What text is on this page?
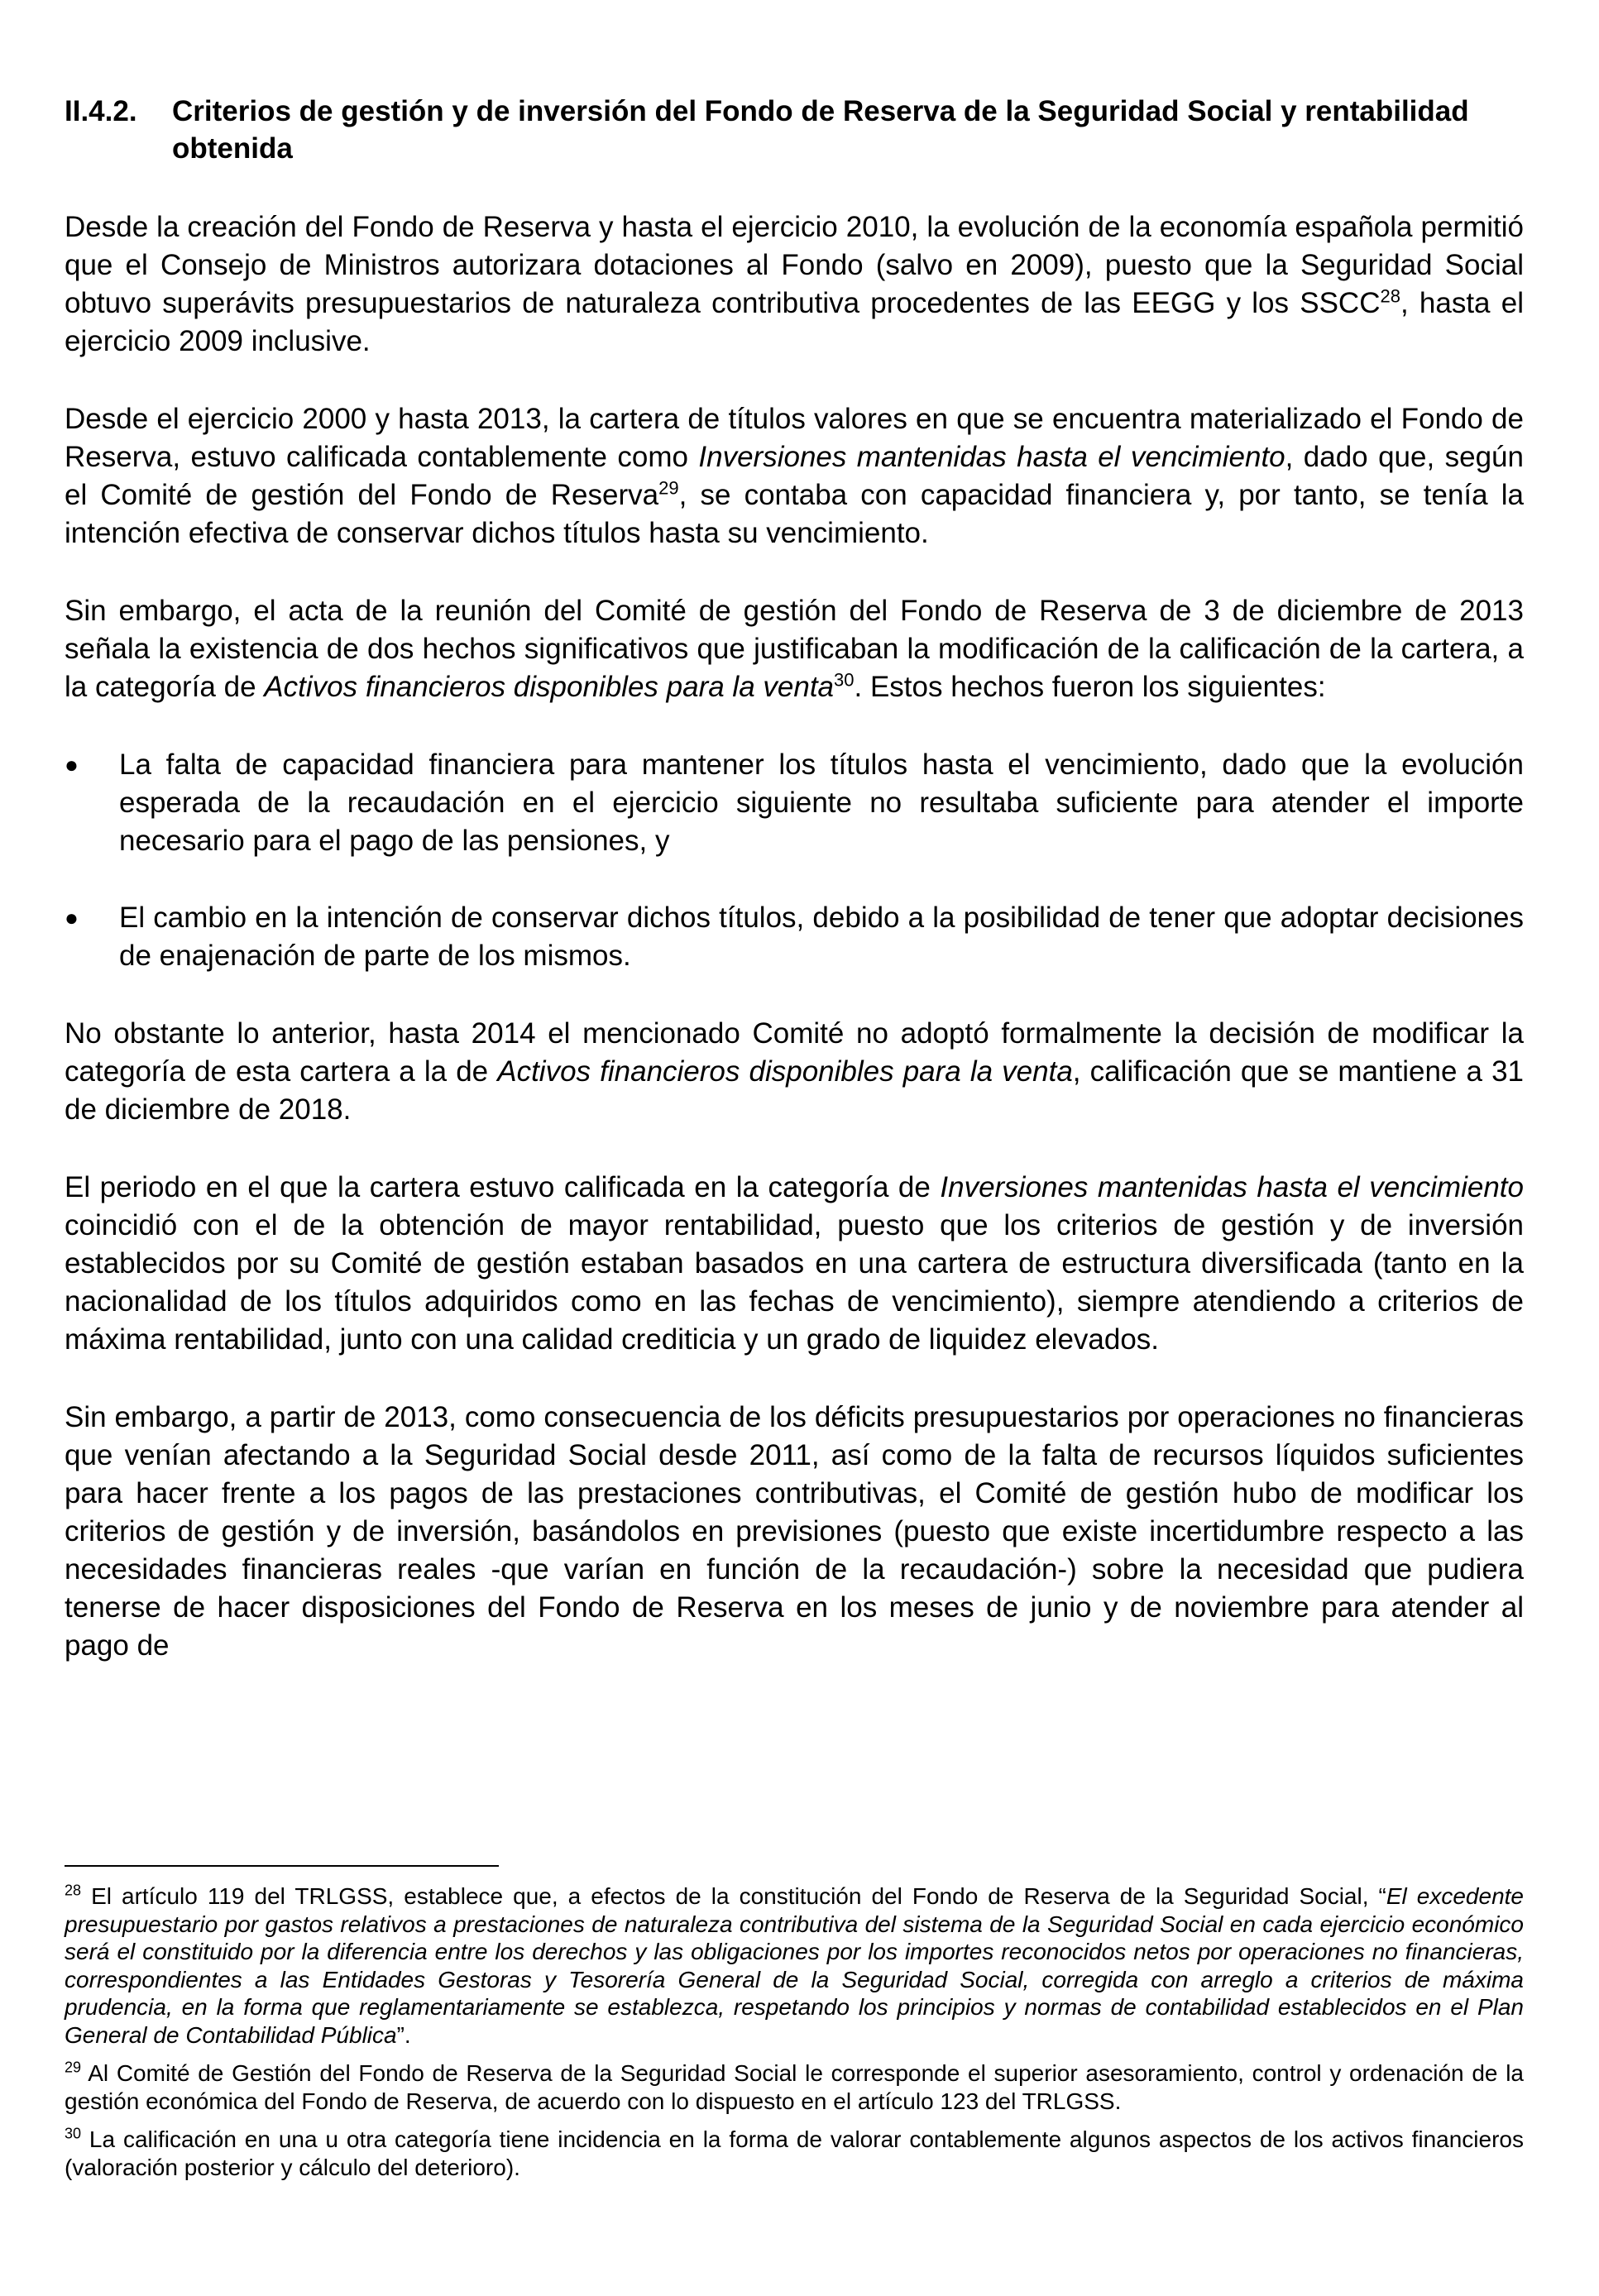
II.4.2.	Criterios de gestión y de inversión del Fondo de Reserva de la Seguridad Social y rentabilidad obtenida

Desde la creación del Fondo de Reserva y hasta el ejercicio 2010, la evolución de la economía española permitió que el Consejo de Ministros autorizara dotaciones al Fondo (salvo en 2009), puesto que la Seguridad Social obtuvo superávits presupuestarios de naturaleza contributiva procedentes de las EEGG y los SSCC$^{28}$, hasta el ejercicio 2009 inclusive.

Desde el ejercicio 2000 y hasta 2013, la cartera de títulos valores en que se encuentra materializado el Fondo de Reserva, estuvo calificada contablemente como Inversiones mantenidas hasta el vencimiento, dado que, según el Comité de gestión del Fondo de Reserva$^{29}$, se contaba con capacidad financiera y, por tanto, se tenía la intención efectiva de conservar dichos títulos hasta su vencimiento.

Sin embargo, el acta de la reunión del Comité de gestión del Fondo de Reserva de 3 de diciembre de 2013 señala la existencia de dos hechos significativos que justificaban la modificación de la calificación de la cartera, a la categoría de Activos financieros disponibles para la venta$^{30}$. Estos hechos fueron los siguientes:

●	La falta de capacidad financiera para mantener los títulos hasta el vencimiento, dado que la evolución esperada de la recaudación en el ejercicio siguiente no resultaba suficiente para atender el importe necesario para el pago de las pensiones, y
●	El cambio en la intención de conservar dichos títulos, debido a la posibilidad de tener que adoptar decisiones de enajenación de parte de los mismos.

No obstante lo anterior, hasta 2014 el mencionado Comité no adoptó formalmente la decisión de modificar la categoría de esta cartera a la de Activos financieros disponibles para la venta, calificación que se mantiene a 31 de diciembre de 2018.

El periodo en el que la cartera estuvo calificada en la categoría de Inversiones mantenidas hasta el vencimiento coincidió con el de la obtención de mayor rentabilidad, puesto que los criterios de gestión y de inversión establecidos por su Comité de gestión estaban basados en una cartera de estructura diversificada (tanto en la nacionalidad de los títulos adquiridos como en las fechas de vencimiento), siempre atendiendo a criterios de máxima rentabilidad, junto con una calidad crediticia y un grado de liquidez elevados.

Sin embargo, a partir de 2013, como consecuencia de los déficits presupuestarios por operaciones no financieras que venían afectando a la Seguridad Social desde 2011, así como de la falta de recursos líquidos suficientes para hacer frente a los pagos de las prestaciones contributivas, el Comité de gestión hubo de modificar los criterios de gestión y de inversión, basándolos en previsiones (puesto que existe incertidumbre respecto a las necesidades financieras reales -que varían en función de la recaudación-) sobre la necesidad que pudiera tenerse de hacer disposiciones del Fondo de Reserva en los meses de junio y de noviembre para atender al pago de

$^{28}$ El artículo 119 del TRLGSS, establece que, a efectos de la constitución del Fondo de Reserva de la Seguridad Social, “El excedente presupuestario por gastos relativos a prestaciones de naturaleza contributiva del sistema de la Seguridad Social en cada ejercicio económico será el constituido por la diferencia entre los derechos y las obligaciones por los importes reconocidos netos por operaciones no financieras, correspondientes a las Entidades Gestoras y Tesorería General de la Seguridad Social, corregida con arreglo a criterios de máxima prudencia, en la forma que reglamentariamente se establezca, respetando los principios y normas de contabilidad establecidos en el Plan General de Contabilidad Pública”.

$^{29}$ Al Comité de Gestión del Fondo de Reserva de la Seguridad Social le corresponde el superior asesoramiento, control y ordenación de la gestión económica del Fondo de Reserva, de acuerdo con lo dispuesto en el artículo 123 del TRLGSS.

$^{30}$ La calificación en una u otra categoría tiene incidencia en la forma de valorar contablemente algunos aspectos de los activos financieros (valoración posterior y cálculo del deterioro).
